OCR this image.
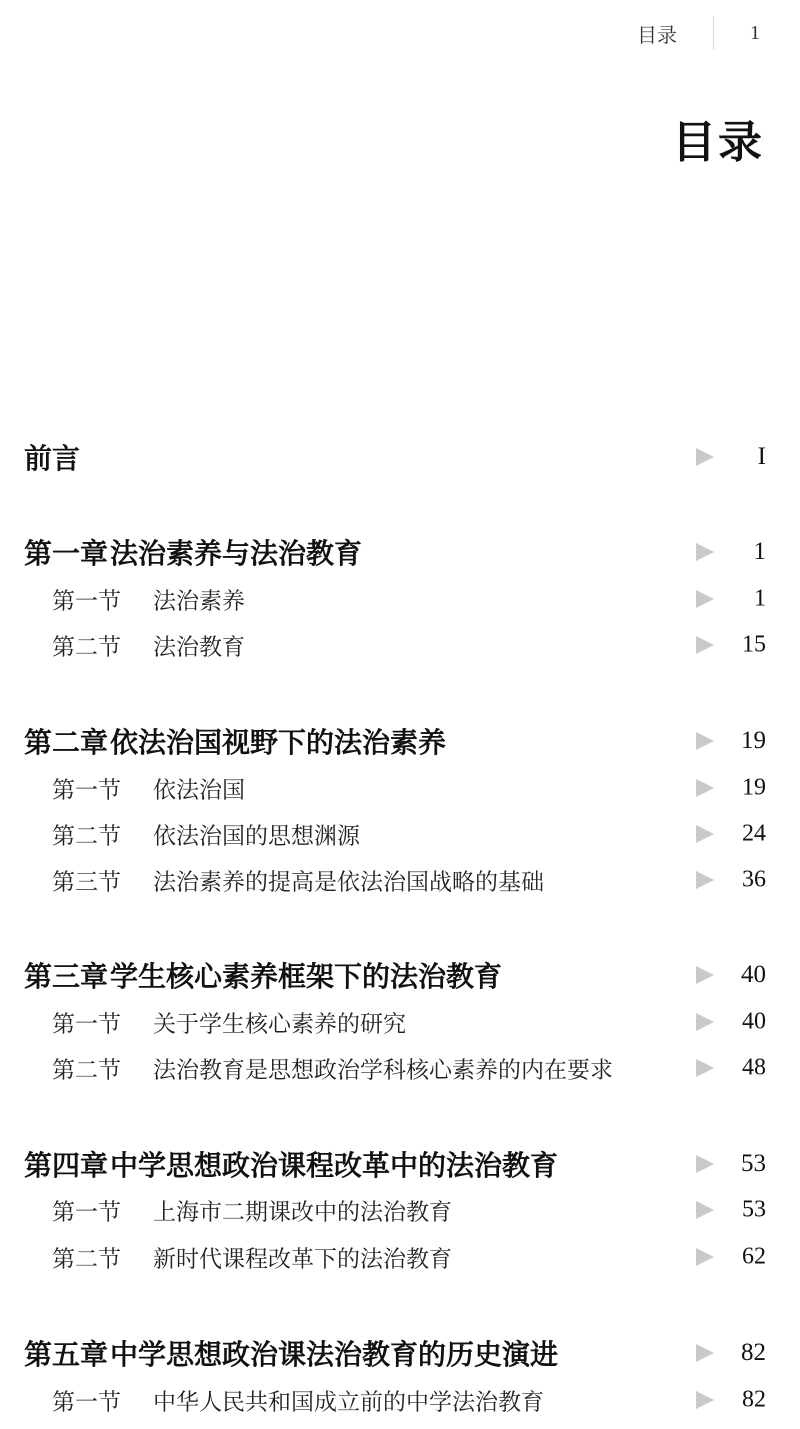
目录	1
目录
前言	I
第一章法治素养与法治教育	1
第一节 法治素养	1
第二节 法治教育	15
第二章依法治国视野下的法治素养	19
第一节 依法治国	19
第二节 依法治国的思想渊源	24
第三节 法治素养的提高是依法治国战略的基础	36
第三章学生核心素养框架下的法治教育	40
第一节 关于学生核心素养的研究	40
第二节 法治教育是思想政治学科核心素养的内在要求	48
第四章中学思想政治课程改革中的法治教育	53
第一节 上海市二期课改中的法治教育	53
第二节 新时代课程改革下的法治教育	62
第五章中学思想政治课法治教育的历史演进	82
第一节 中华人民共和国成立前的中学法治教育	82
